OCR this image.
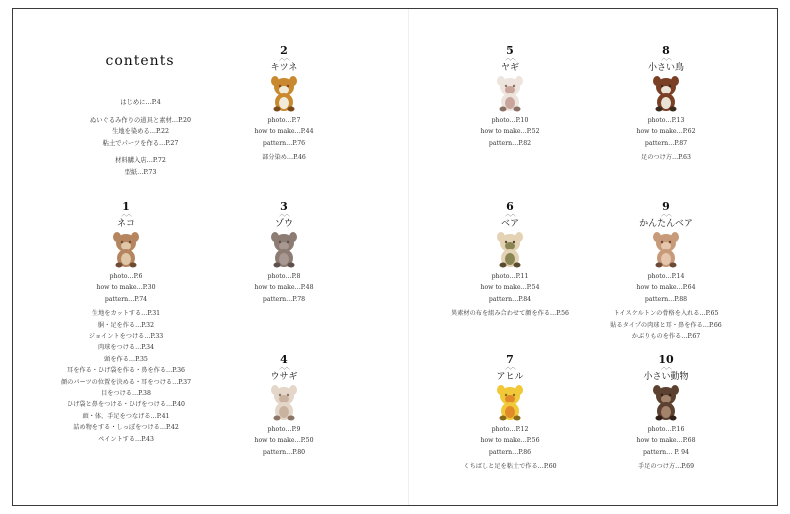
contents
はじめに…P.4
ぬいぐるみ作りの道具と素材…P.20
生地を染める…P.22
粘土でパーツを作る…P.27
材料購入店…P.72
型紙…P.73
2
︿︿
キツネ
photo…P.7
how to make…P.44
pattern…P.76
部分染め…P.46
5
︿︿
ヤギ
photo…P.10
how to make…P.52
pattern…P.82
8
︿︿
小さい鳥
photo…P.13
how to make…P.62
pattern…P.87
足のつけ方…P.63
1
︿︿
ネコ
photo…P.6
how to make…P.30
pattern…P.74
生地をカットする…P.31
胴・足を作る…P.32
ジョイントをつける…P.33
肉球をつける…P.34
頭を作る…P.35
耳を作る・ひげ袋を作る・鼻を作る…P.36
顔のパーツの位置を決める・耳をつける…P.37
目をつける…P.38
ひげ袋と鼻をつける・ひげをつける…P.40
頭・体、手足をつなげる…P.41
詰め物をする・しっぽをつける…P.42
ペイントする…P.43
3
︿︿
ゾウ
photo…P.8
how to make…P.48
pattern…P.78
6
︿︿
ベア
photo…P.11
how to make…P.54
pattern…P.84
異素材の布を組み合わせて顔を作る…P.56
9
︿︿
かんたんベア
photo…P.14
how to make…P.64
pattern…P.88
トイスケルトンの骨格を入れる…P.65
貼るタイプの肉球と耳・鼻を作る…P.66
かぶりものを作る…P.67
4
︿︿
ウサギ
photo…P.9
how to make…P.50
pattern…P.80
7
︿︿
アヒル
photo…P.12
how to make…P.56
pattern…P.86
くちばしと足を粘土で作る…P.60
10
︿︿
小さい動物
photo…P.16
how to make…P.68
pattern… P. 94
手足のつけ方…P.69
